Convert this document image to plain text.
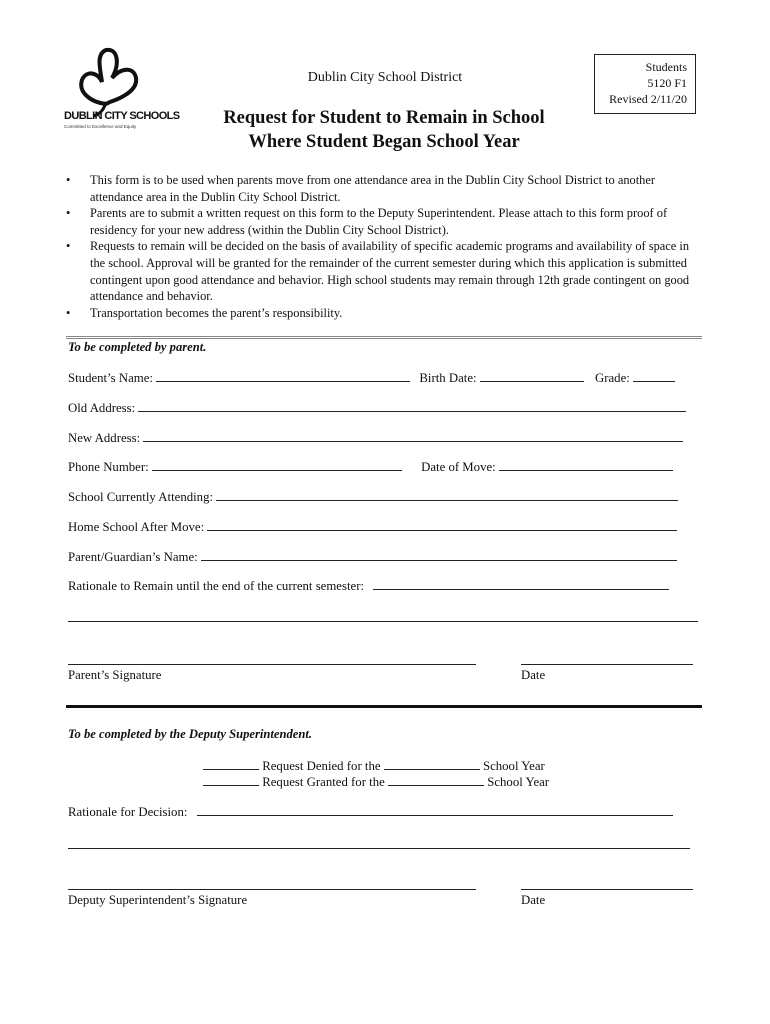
DUBLIN CITY SCHOOLS
Committed to Excellence and Equity
Dublin City School District
Students
5120 F1
Revised 2/11/20
Request for Student to Remain in School
Where Student Began School Year
• This form is to be used when parents move from one attendance area in the Dublin City School District to another attendance area in the Dublin City School District.
• Parents are to submit a written request on this form to the Deputy Superintendent. Please attach to this form proof of residency for your new address (within the Dublin City School District).
• Requests to remain will be decided on the basis of availability of specific academic programs and availability of space in the school. Approval will be granted for the remainder of the current semester during which this application is submitted contingent upon good attendance and behavior. High school students may remain through 12th grade contingent on good attendance and behavior.
• Transportation becomes the parent’s responsibility.
To be completed by parent.
Student’s Name:	Birth Date:	Grade:
Old Address:
New Address:
Phone Number:	Date of Move:
School Currently Attending:
Home School After Move:
Parent/Guardian’s Name:
Rationale to Remain until the end of the current semester:
Parent’s Signature	Date
To be completed by the Deputy Superintendent.
Request Denied for the	School Year
Request Granted for the	School Year
Rationale for Decision:
Deputy Superintendent’s Signature	Date
